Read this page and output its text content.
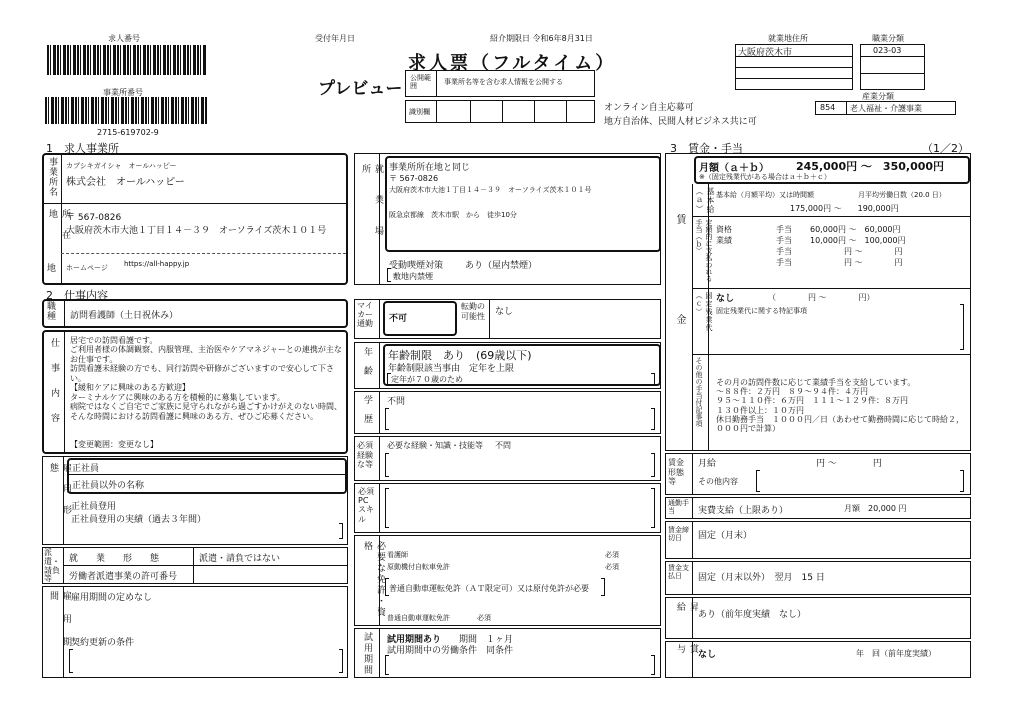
求人番号
事業所番号
2715-619702-9
受付年月日	紹介期限日 令和6年8月31日
求人票（フルタイム）
プレビュー
公開範囲
事業所名等を含む求人情報を公開する
識別欄	オンライン自主応募可
地方自治体、民間人材ビジネス共に可
就業地住所
大阪府茨木市
職業分類
023-03
産業分類
854 老人福祉・介護事業
1　求人事業所
事業所名 カブシキガイシャ　オールハッピー
株式会社　オールハッピー
所在地	〒 567-0826
大阪府茨木市大池１丁目１４－３９　オーソライズ茨木１０１号
地 ホームページ https://all-happy.jp
就業場所	事業所所在地と同じ
〒 567-0826
大阪府茨木市大池１丁目１４－３９　オーソライズ茨木１０１号
阪急京都線　茨木市駅　から　徒歩10分
受動喫煙対策 あり（屋内禁煙）
敷地内禁煙
2　仕事内容
職種	訪問看護師（土日祝休み）
仕事内容 居宅での訪問看護です。
ご利用者様の体調観察、内服管理、主治医やケアマネジャーとの連携が主なお仕事です。
訪問看護未経験の方でも、同行訪問や研修がございますので安心して下さい。
【緩和ケアに興味のある方歓迎】
ターミナルケアに興味のある方を積極的に募集しています。
病院ではなくご自宅でご家族に見守られながら過ごすかけがえのない時間、そんな時間における訪問看護に興味のある方、ぜひご応募ください。
【変更範囲：変更なし】
雇用形態	正社員
正社員以外の名称
正社員登用
正社員登用の実績（過去３年間）
派遣・請負等
就　　業　　形　　態	派遣・請負ではない
労働者派遣事業の許可番号
雇用期間	雇用期間の定めなし
契約更新の条件
マイカー通勤	不可
転勤の可能性	なし
年齢 年齢制限　あり　(69歳以下)
年齢制限該当事由　定年を上限
定年が７０歳のため
学歴 不問
必須経験な等
必要な経験・知識・技能等 不問
必須PCスキル
必要な免許・資格
看護師	必須
原動機付自転車免許	必須
普通自動車運転免許（ＡＴ限定可）又は原付免許が必要
普通自動車運転免許	必須
試用期間 試用期間あり 期間　１ヶ月
試用期間中の労働条件　同条件
3　賃金・手当	（1／2）
賃金
月額（ａ＋ｂ） 245,000円 ～　350,000円
※（固定残業代がある場合はａ＋ｂ＋ｃ）
基本給（ａ）	基本給（月額平均）又は時間額	月平均労働日数（20.0 日）
175,000円 ～　　190,000円
定額的に支払われる手当（ｂ）	資格	手当 60,000円 ～　60,000円
業績	手当 10,000円 ～　100,000円
手当	円 ～　　　　円
手当	円 ～　　　　円
固定残業代（ｃ）	なし	（　　　　円 ～　　　　円）
固定残業代に関する特記事項
その他の手当付記事項 その月の訪問件数に応じて業績手当を支給しています。
～８８件：２万円　８９～９４件：４万円
９５～１１０件：６万円　１１１～１２９件：８万円
１３０件以上：１０万円
休日勤務手当　１０００円／日（あわせて勤務時間に応じて時給２，０００円で計算）
賃金形態等
月給	円 ～　　　　円
その他内容
通勤手当	実費支給（上限あり）	月額　20,000 円
賃金締切日	固定（月末）
賃金支払日	固定（月末以外）　翌月　15 日
昇給	あり（前年度実績　なし）
賞与	なし	年　回（前年度実績）
